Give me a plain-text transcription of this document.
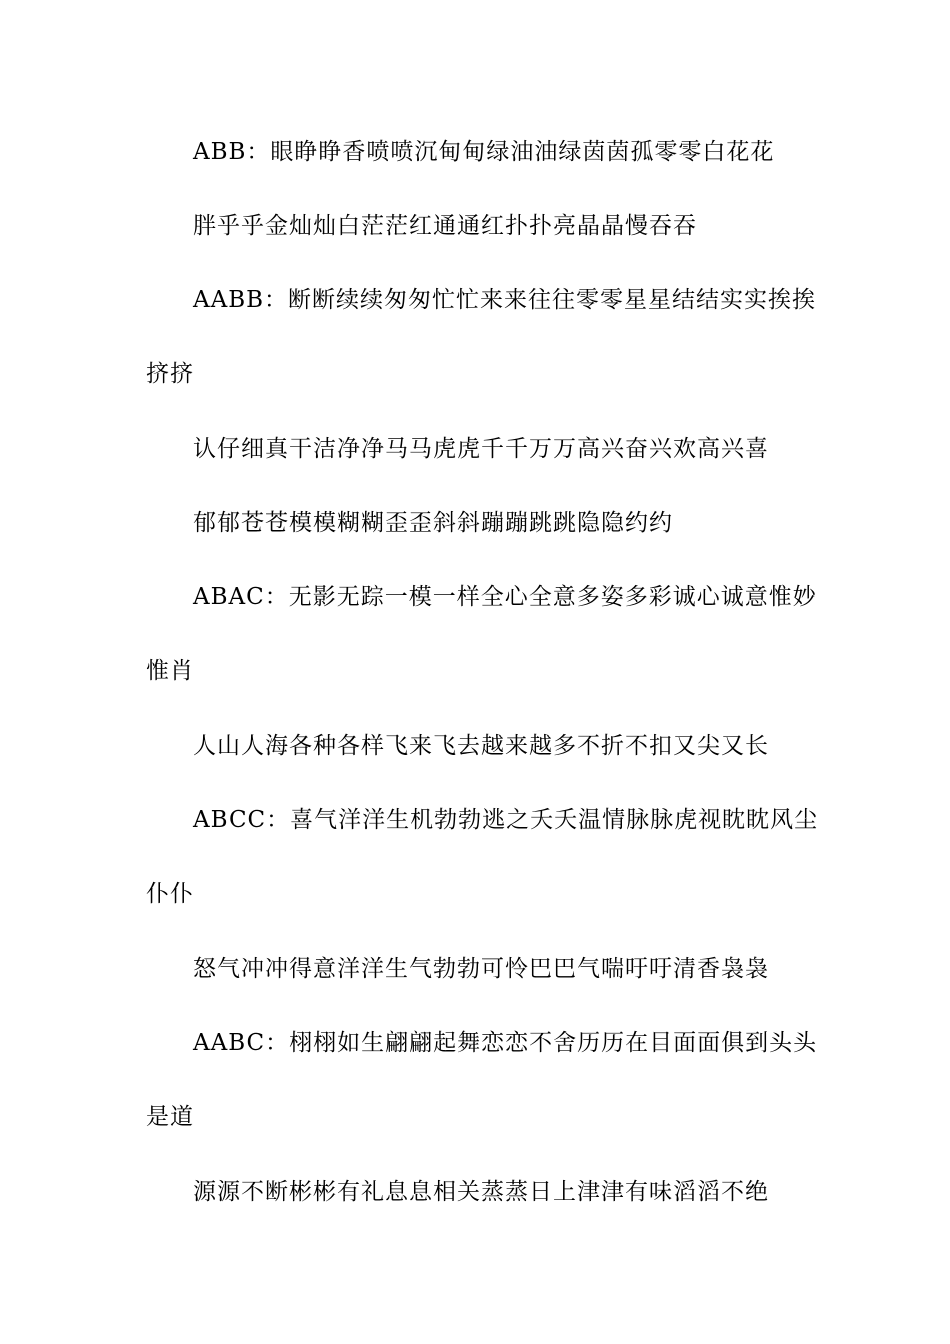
ABB：眼睁睁香喷喷沉甸甸绿油油绿茵茵孤零零白花花
胖乎乎金灿灿白茫茫红通通红扑扑亮晶晶慢吞吞
AABB：断断续续匆匆忙忙来来往往零零星星结结实实挨挨
挤挤
认仔细真干洁净净马马虎虎千千万万高兴奋兴欢高兴喜
郁郁苍苍模模糊糊歪歪斜斜蹦蹦跳跳隐隐约约
ABAC：无影无踪一模一样全心全意多姿多彩诚心诚意惟妙
惟肖
人山人海各种各样飞来飞去越来越多不折不扣又尖又长
ABCC：喜气洋洋生机勃勃逃之夭夭温情脉脉虎视眈眈风尘
仆仆
怒气冲冲得意洋洋生气勃勃可怜巴巴气喘吁吁清香袅袅
AABC：栩栩如生翩翩起舞恋恋不舍历历在目面面俱到头头
是道
源源不断彬彬有礼息息相关蒸蒸日上津津有味滔滔不绝
